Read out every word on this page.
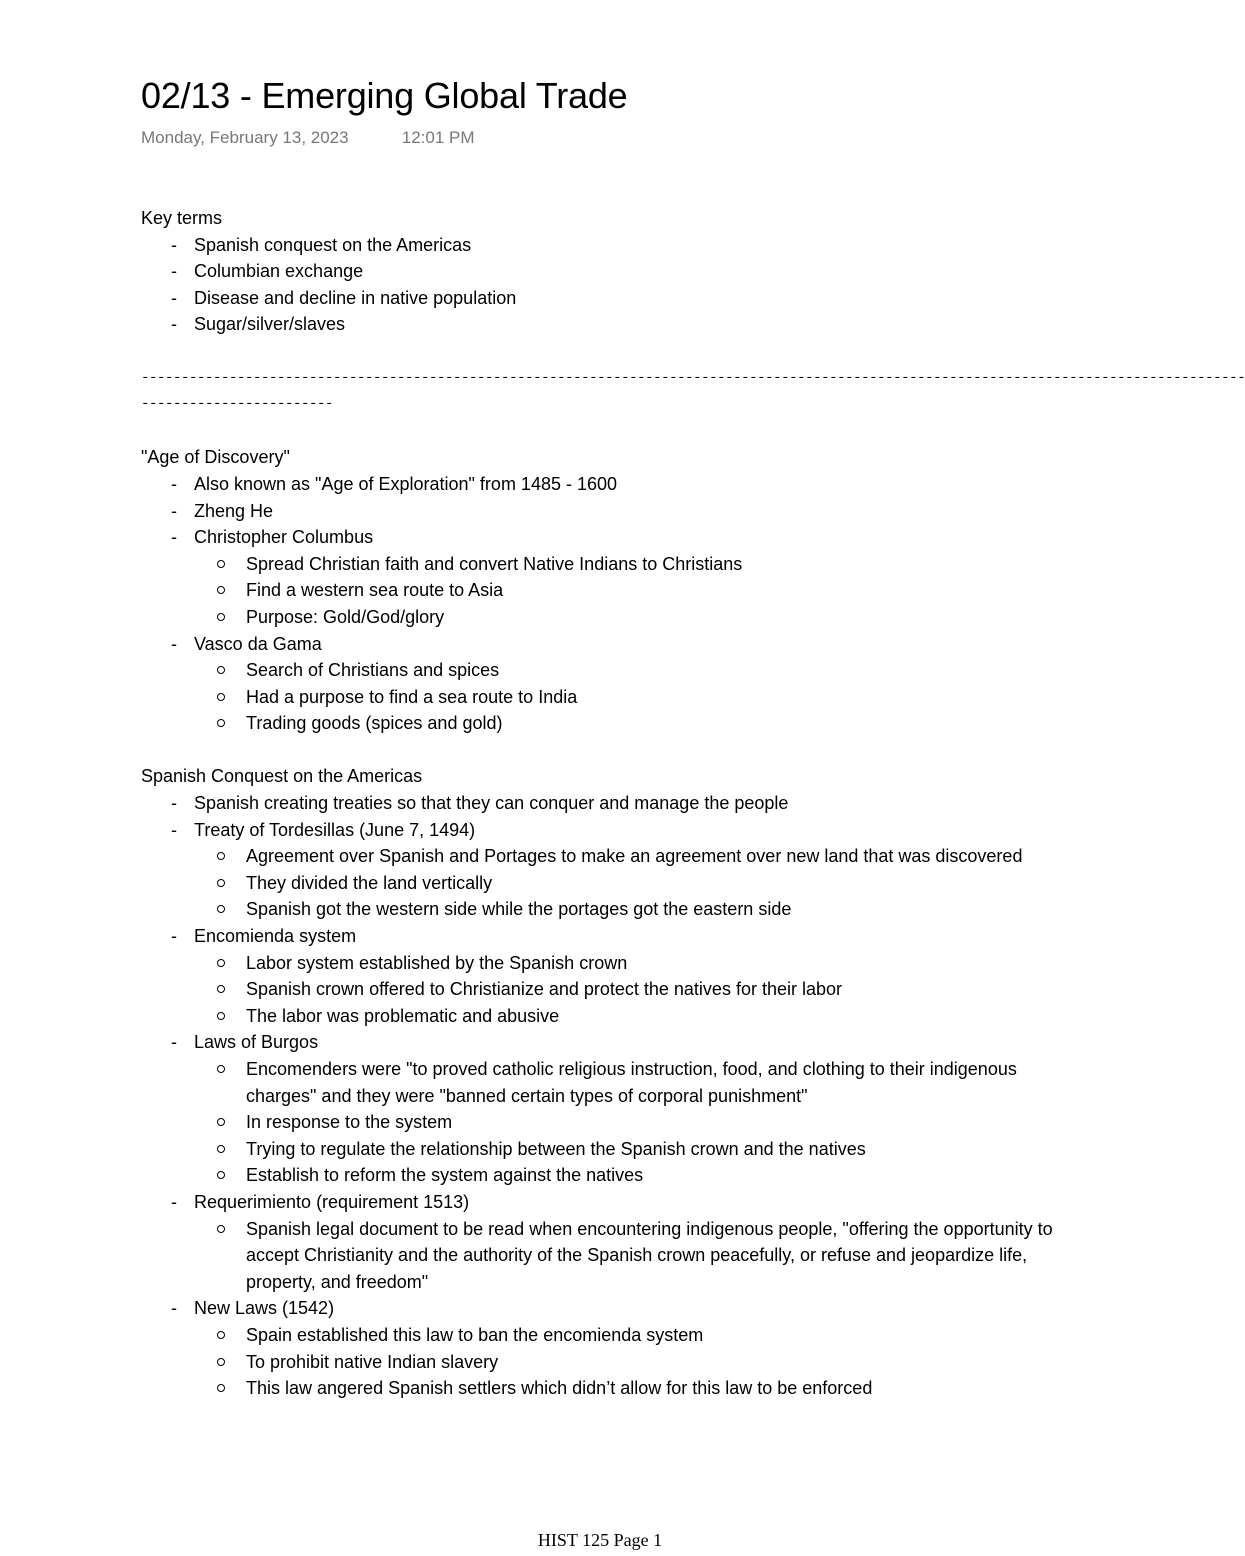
02/13 - Emerging Global Trade
Monday, February 13, 2023	12:01 PM
Key terms
- Spanish conquest on the Americas
- Columbian exchange
- Disease and decline in native population
- Sugar/silver/slaves
------------------------------------------------------------------------------------------------------------------------------------------
------------------------
"Age of Discovery"
- Also known as "Age of Exploration" from 1485 - 1600
- Zheng He
- Christopher Columbus
Spread Christian faith and convert Native Indians to Christians
Find a western sea route to Asia
Purpose: Gold/God/glory
- Vasco da Gama
Search of Christians and spices
Had a purpose to find a sea route to India
Trading goods (spices and gold)
Spanish Conquest on the Americas
- Spanish creating treaties so that they can conquer and manage the people
- Treaty of Tordesillas (June 7, 1494)
Agreement over Spanish and Portages to make an agreement over new land that was discovered
They divided the land vertically
Spanish got the western side while the portages got the eastern side
- Encomienda system
Labor system established by the Spanish crown
Spanish crown offered to Christianize and protect the natives for their labor
The labor was problematic and abusive
- Laws of Burgos
Encomenders were "to proved catholic religious instruction, food, and clothing to their indigenous charges" and they were "banned certain types of corporal punishment"
In response to the system
Trying to regulate the relationship between the Spanish crown and the natives
Establish to reform the system against the natives
- Requerimiento (requirement 1513)
Spanish legal document to be read when encountering indigenous people, "offering the opportunity to accept Christianity and the authority of the Spanish crown peacefully, or refuse and jeopardize life, property, and freedom"
- New Laws (1542)
Spain established this law to ban the encomienda system
To prohibit native Indian slavery
This law angered Spanish settlers which didn’t allow for this law to be enforced
HIST 125 Page 1
